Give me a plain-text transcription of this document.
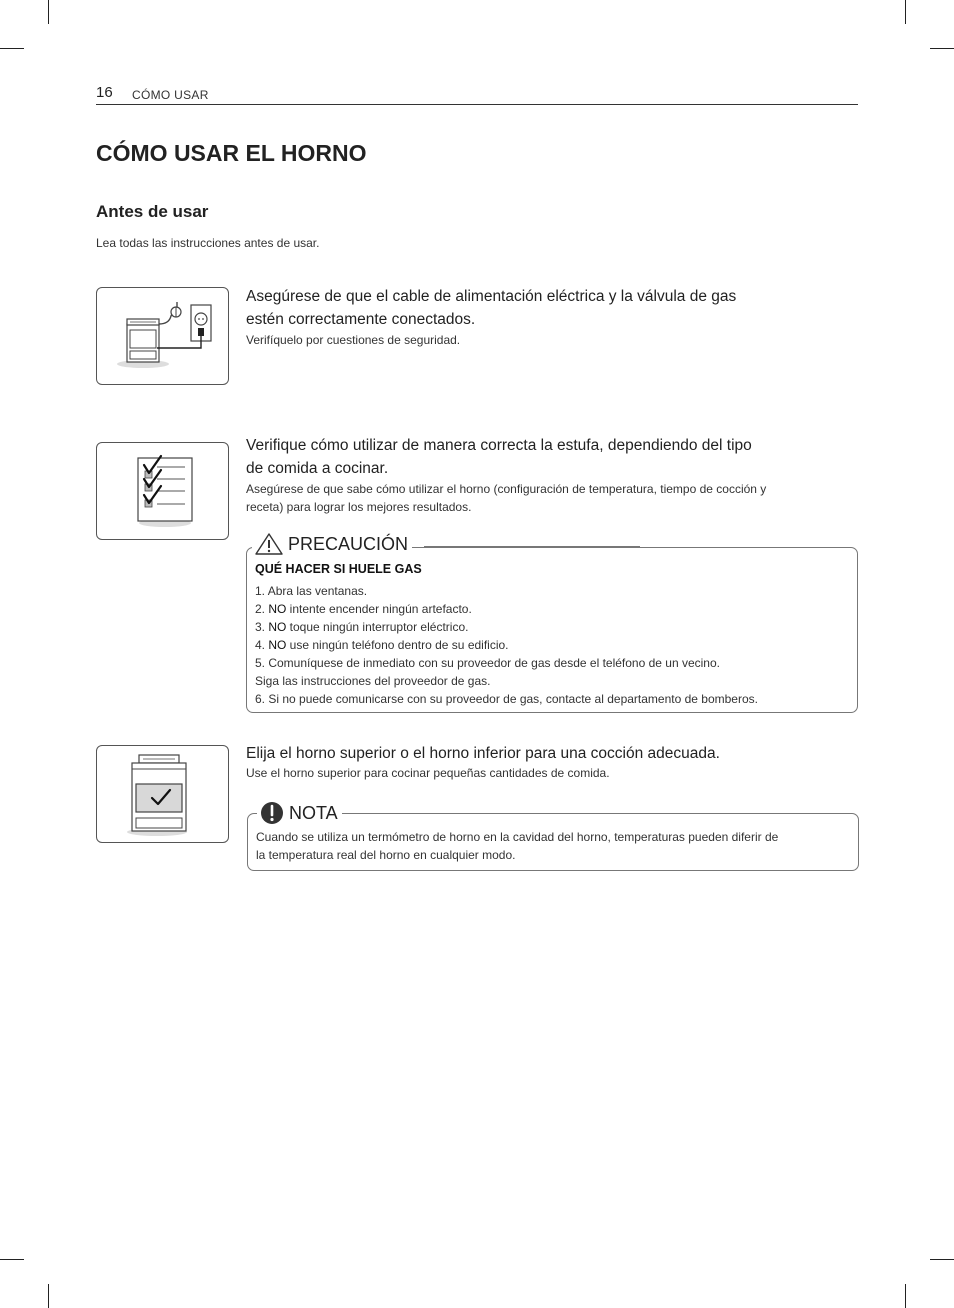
16 CÓMO USAR
CÓMO USAR EL HORNO
Antes de usar
Lea todas las instrucciones antes de usar.
Asegúrese de que el cable de alimentación eléctrica y la válvula de gas
estén correctamente conectados.
Verifíquelo por cuestiones de seguridad.
Verifique cómo utilizar de manera correcta la estufa, dependiendo del tipo
de comida a cocinar.
Asegúrese de que sabe cómo utilizar el horno (configuración de temperatura, tiempo de cocción y
receta) para lograr los mejores resultados.
QUÉ HACER SI HUELE GAS
1. Abra las ventanas.
2. NO intente encender ningún artefacto.
3. NO toque ningún interruptor eléctrico.
4. NO use ningún teléfono dentro de su edificio.
5. Comuníquese de inmediato con su proveedor de gas desde el teléfono de un vecino.
Siga las instrucciones del proveedor de gas.
6. Si no puede comunicarse con su proveedor de gas, contacte al departamento de bomberos.
PRECAUCIÓN
Elija el horno superior o el horno inferior para una cocción adecuada.
Use el horno superior para cocinar pequeñas cantidades de comida.
Cuando se utiliza un termómetro de horno en la cavidad del horno, temperaturas pueden diferir de
la temperatura real del horno en cualquier modo.
NOTA
